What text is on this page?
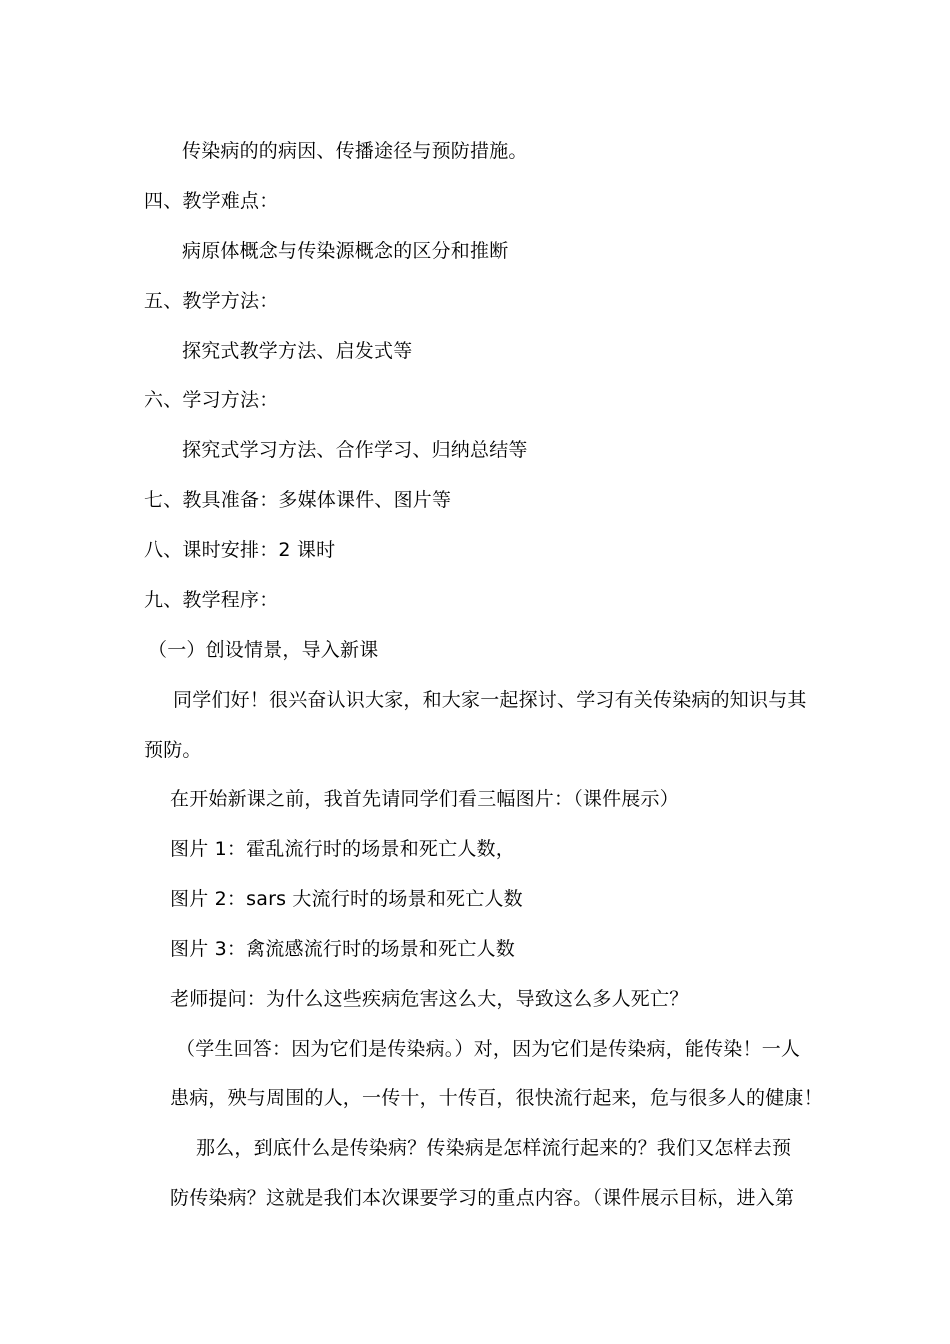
传染病的的病因、传播途径与预防措施。
四、教学难点：
病原体概念与传染源概念的区分和推断
五、教学方法：
探究式教学方法、启发式等
六、学习方法：
探究式学习方法、合作学习、归纳总结等
七、教具准备：多媒体课件、图片等
八、课时安排：2 课时
九、教学程序：
（一）创设情景，导入新课
同学们好！很兴奋认识大家，和大家一起探讨、学习有关传染病的知识与其
预防。
在开始新课之前，我首先请同学们看三幅图片：（课件展示）
图片 1：霍乱流行时的场景和死亡人数，
图片 2：sars 大流行时的场景和死亡人数
图片 3：禽流感流行时的场景和死亡人数
老师提问：为什么这些疾病危害这么大，导致这么多人死亡？
（学生回答：因为它们是传染病。）对，因为它们是传染病，能传染！一人
患病，殃与周围的人，一传十，十传百，很快流行起来，危与很多人的健康！
那么，到底什么是传染病？传染病是怎样流行起来的？我们又怎样去预
防传染病？这就是我们本次课要学习的重点内容。（课件展示目标，进入第
